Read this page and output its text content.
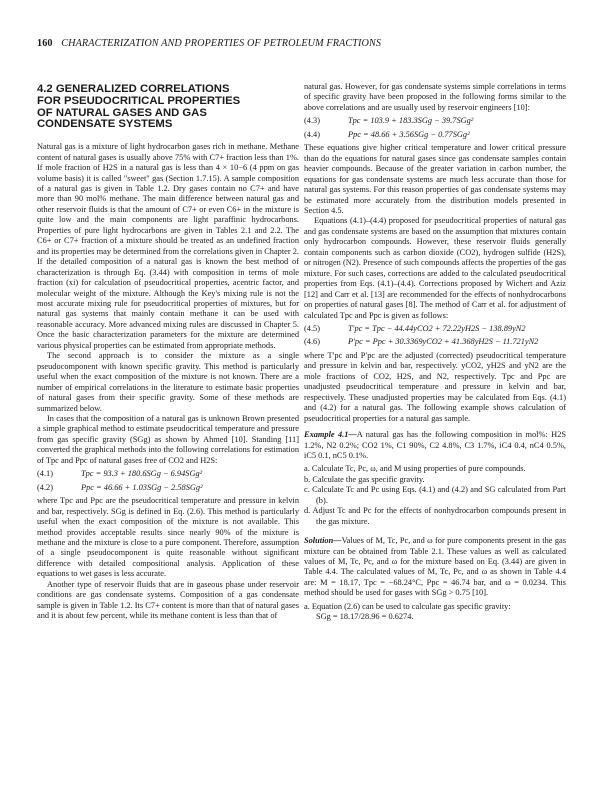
160 CHARACTERIZATION AND PROPERTIES OF PETROLEUM FRACTIONS
4.2 GENERALIZED CORRELATIONS
FOR PSEUDOCRITICAL PROPERTIES
OF NATURAL GASES AND GAS
CONDENSATE SYSTEMS

Natural gas is a mixture of light hydrocarbon gases rich in methane. Methane content of natural gases is usually above 75% with C7+ fraction less than 1%. If mole fraction of H2S in a natural gas is less than 4 × 10−6 (4 ppm on gas volume basis) it is called "sweet" gas (Section 1.7.15). A sample composition of a natural gas is given in Table 1.2. Dry gases contain no C7+ and have more than 90 mol% methane. The main difference between natural gas and other reservoir fluids is that the amount of C7+ or even C6+ in the mixture is quite low and the main components are light paraffinic hydrocarbons. Properties of pure light hydrocarbons are given in Tables 2.1 and 2.2. The C6+ or C7+ fraction of a mixture should be treated as an undefined fraction and its properties may be determined from the correlations given in Chapter 2. If the detailed composition of a natural gas is known the best method of characterization is through Eq. (3.44) with composition in terms of mole fraction (xi) for calculation of pseudocritical properties, acentric factor, and molecular weight of the mixture. Although the Key's mixing rule is not the most accurate mixing rule for pseudocritical properties of mixtures, but for natural gas systems that mainly contain methane it can be used with reasonable accuracy. More advanced mixing rules are discussed in Chapter 5. Once the basic characterization parameters for the mixture are determined various physical properties can be estimated from appropriate methods.

The second approach is to consider the mixture as a single pseudocomponent with known specific gravity. This method is particularly useful when the exact composition of the mixture is not known. There are a number of empirical correlations in the literature to estimate basic properties of natural gases from their specific gravity. Some of these methods are summarized below.

In cases that the composition of a natural gas is unknown Brown presented a simple graphical method to estimate pseudocritical temperature and pressure from gas specific gravity (SGg) as shown by Ahmed [10]. Standing [11] converted the graphical methods into the following correlations for estimation of Tpc and Ppc of natural gases free of CO2 and H2S:

(4.1)	Tpc = 93.3 + 180.6SGg − 6.94SGg²
(4.2)	Ppc = 46.66 + 1.03SGg − 2.58SGg²

where Tpc and Ppc are the pseudocritical temperature and pressure in kelvin and bar, respectively. SGg is defined in Eq. (2.6). This method is particularly useful when the exact composition of the mixture is not available. This method provides acceptable results since nearly 90% of the mixture is methane and the mixture is close to a pure component. Therefore, assumption of a single pseudocomponent is quite reasonable without significant difference with detailed compositional analysis. Application of these equations to wet gases is less accurate.

Another type of reservoir fluids that are in gaseous phase under reservoir conditions are gas condensate systems. Composition of a gas condensate sample is given in Table 1.2. Its C7+ content is more than that of natural gases and it is about few percent, while its methane content is less than that of

natural gas. However, for gas condensate systems simple correlations in terms of specific gravity have been proposed in the following forms similar to the above correlations and are usually used by reservoir engineers [10]:

(4.3)	Tpc = 103.9 + 183.3SGg − 39.7SGg²
(4.4)	Ppc = 48.66 + 3.56SGg − 0.77SGg²

These equations give higher critical temperature and lower critical pressure than do the equations for natural gases since gas condensate samples contain heavier compounds. Because of the greater variation in carbon number, the equations for gas condensate systems are much less accurate than those for natural gas systems. For this reason properties of gas condensate systems may be estimated more accurately from the distribution models presented in Section 4.5.

Equations (4.1)–(4.4) proposed for pseudocritical properties of natural gas and gas condensate systems are based on the assumption that mixtures contain only hydrocarbon compounds. However, these reservoir fluids generally contain components such as carbon dioxide (CO2), hydrogen sulfide (H2S), or nitrogen (N2). Presence of such compounds affects the properties of the gas mixture. For such cases, corrections are added to the calculated pseudocritical properties from Eqs. (4.1)–(4.4). Corrections proposed by Wichert and Aziz [12] and Carr et al. [13] are recommended for the effects of nonhydrocarbons on properties of natural gases [8]. The method of Carr et al. for adjustment of calculated Tpc and Ppc is given as follows:

(4.5)	T′pc = Tpc − 44.44yCO2 + 72.22yH2S − 138.89yN2
(4.6)	P′pc = Ppc + 30.3369yCO2 + 41.368yH2S − 11.721yN2

where T′pc and P′pc are the adjusted (corrected) pseudocritical temperature and pressure in kelvin and bar, respectively. yCO2, yH2S and yN2 are the mole fractions of CO2, H2S, and N2, respectively. Tpc and Ppc are unadjusted pseudocritical temperature and pressure in kelvin and bar, respectively. These unadjusted properties may be calculated from Eqs. (4.1) and (4.2) for a natural gas. The following example shows calculation of pseudocritical properties for a natural gas sample.

Example 4.1—A natural gas has the following composition in mol%: H2S 1.2%, N2 0.2%; CO2 1%, C1 90%, C2 4.8%, C3 1.7%, iC4 0.4, nC4 0.5%, iC5 0.1, nC5 0.1%.

a. Calculate Tc, Pc, ω, and M using properties of pure compounds.
b. Calculate the gas specific gravity.
c. Calculate Tc and Pc using Eqs. (4.1) and (4.2) and SG calculated from Part (b).
d. Adjust Tc and Pc for the effects of nonhydrocarbon compounds present in the gas mixture.

Solution—Values of M, Tc, Pc, and ω for pure components present in the gas mixture can be obtained from Table 2.1. These values as well as calculated values of M, Tc, Pc, and ω for the mixture based on Eq. (3.44) are given in Table 4.4. The calculated values of M, Tc, Pc, and ω as shown in Table 4.4 are: M = 18.17, Tpc = −68.24°C, Ppc = 46.74 bar, and ω = 0.0234. This method should be used for gases with SGg > 0.75 [10].

a. Equation (2.6) can be used to calculate gas specific gravity:
SGg = 18.17/28.96 = 0.6274.
